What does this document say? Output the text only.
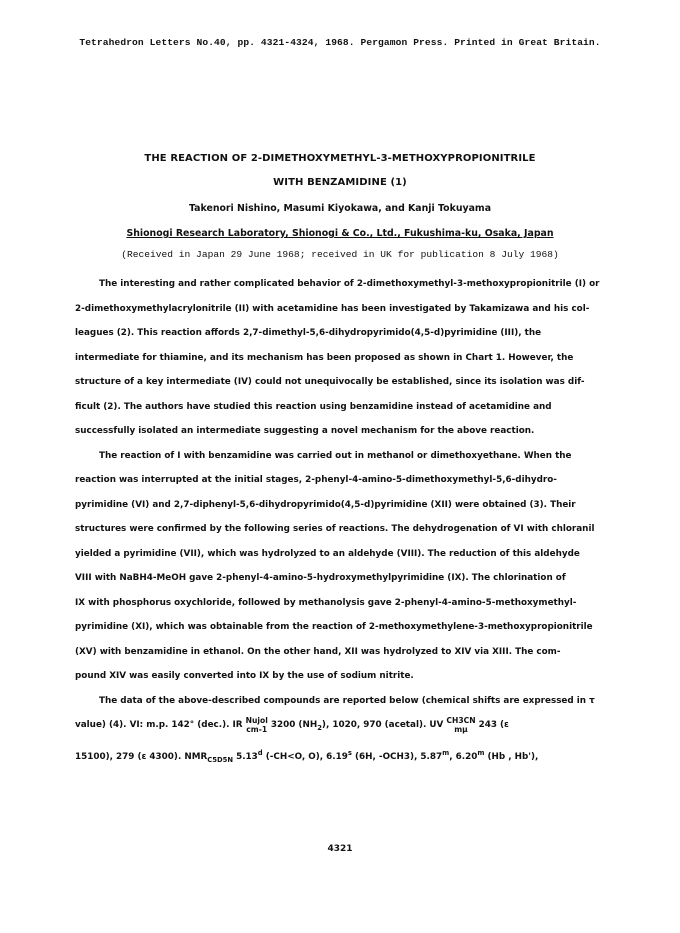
Tetrahedron Letters No.40, pp. 4321-4324, 1968. Pergamon Press. Printed in Great Britain.
THE REACTION OF 2-DIMETHOXYMETHYL-3-METHOXYPROPIONITRILE
WITH BENZAMIDINE (1)
Takenori Nishino, Masumi Kiyokawa, and Kanji Tokuyama
Shionogi Research Laboratory, Shionogi & Co., Ltd., Fukushima-ku, Osaka, Japan
(Received in Japan 29 June 1968; received in UK for publication 8 July 1968)

The interesting and rather complicated behavior of 2-dimethoxymethyl-3-methoxypropionitrile (I) or
2-dimethoxymethylacrylonitrile (II) with acetamidine has been investigated by Takamizawa and his col-
leagues (2). This reaction affords 2,7-dimethyl-5,6-dihydropyrimido(4,5-d)pyrimidine (III), the
intermediate for thiamine, and its mechanism has been proposed as shown in Chart 1. However, the
structure of a key intermediate (IV) could not unequivocally be established, since its isolation was dif-
ficult (2). The authors have studied this reaction using benzamidine instead of acetamidine and
successfully isolated an intermediate suggesting a novel mechanism for the above reaction.

The reaction of I with benzamidine was carried out in methanol or dimethoxyethane. When the
reaction was interrupted at the initial stages, 2-phenyl-4-amino-5-dimethoxymethyl-5,6-dihydro-
pyrimidine (VI) and 2,7-diphenyl-5,6-dihydropyrimido(4,5-d)pyrimidine (XII) were obtained (3). Their
structures were confirmed by the following series of reactions. The dehydrogenation of VI with chloranil
yielded a pyrimidine (VII), which was hydrolyzed to an aldehyde (VIII). The reduction of this aldehyde
VIII with NaBH4-MeOH gave 2-phenyl-4-amino-5-hydroxymethylpyrimidine (IX). The chlorination of
IX with phosphorus oxychloride, followed by methanolysis gave 2-phenyl-4-amino-5-methoxymethyl-
pyrimidine (XI), which was obtainable from the reaction of 2-methoxymethylene-3-methoxypropionitrile
(XV) with benzamidine in ethanol. On the other hand, XII was hydrolyzed to XIV via XIII. The com-
pound XIV was easily converted into IX by the use of sodium nitrite.

The data of the above-described compounds are reported below (chemical shifts are expressed in τ
value) (4). VI: m.p. 142° (dec.). IR Nujol
cm-1 3200 $(NH_2)$, 1020, 970 (acetal). UV CH3CN
mμ 243 (ε
15100), 279 (ε 4300). $NMR_{C5D5N}$ 5.13$^d$ (-CH<O, O), 6.19$^s$ (6H, -OCH3), 5.87$^m$, 6.20$^m$ (Hb , Hb'),

4321
